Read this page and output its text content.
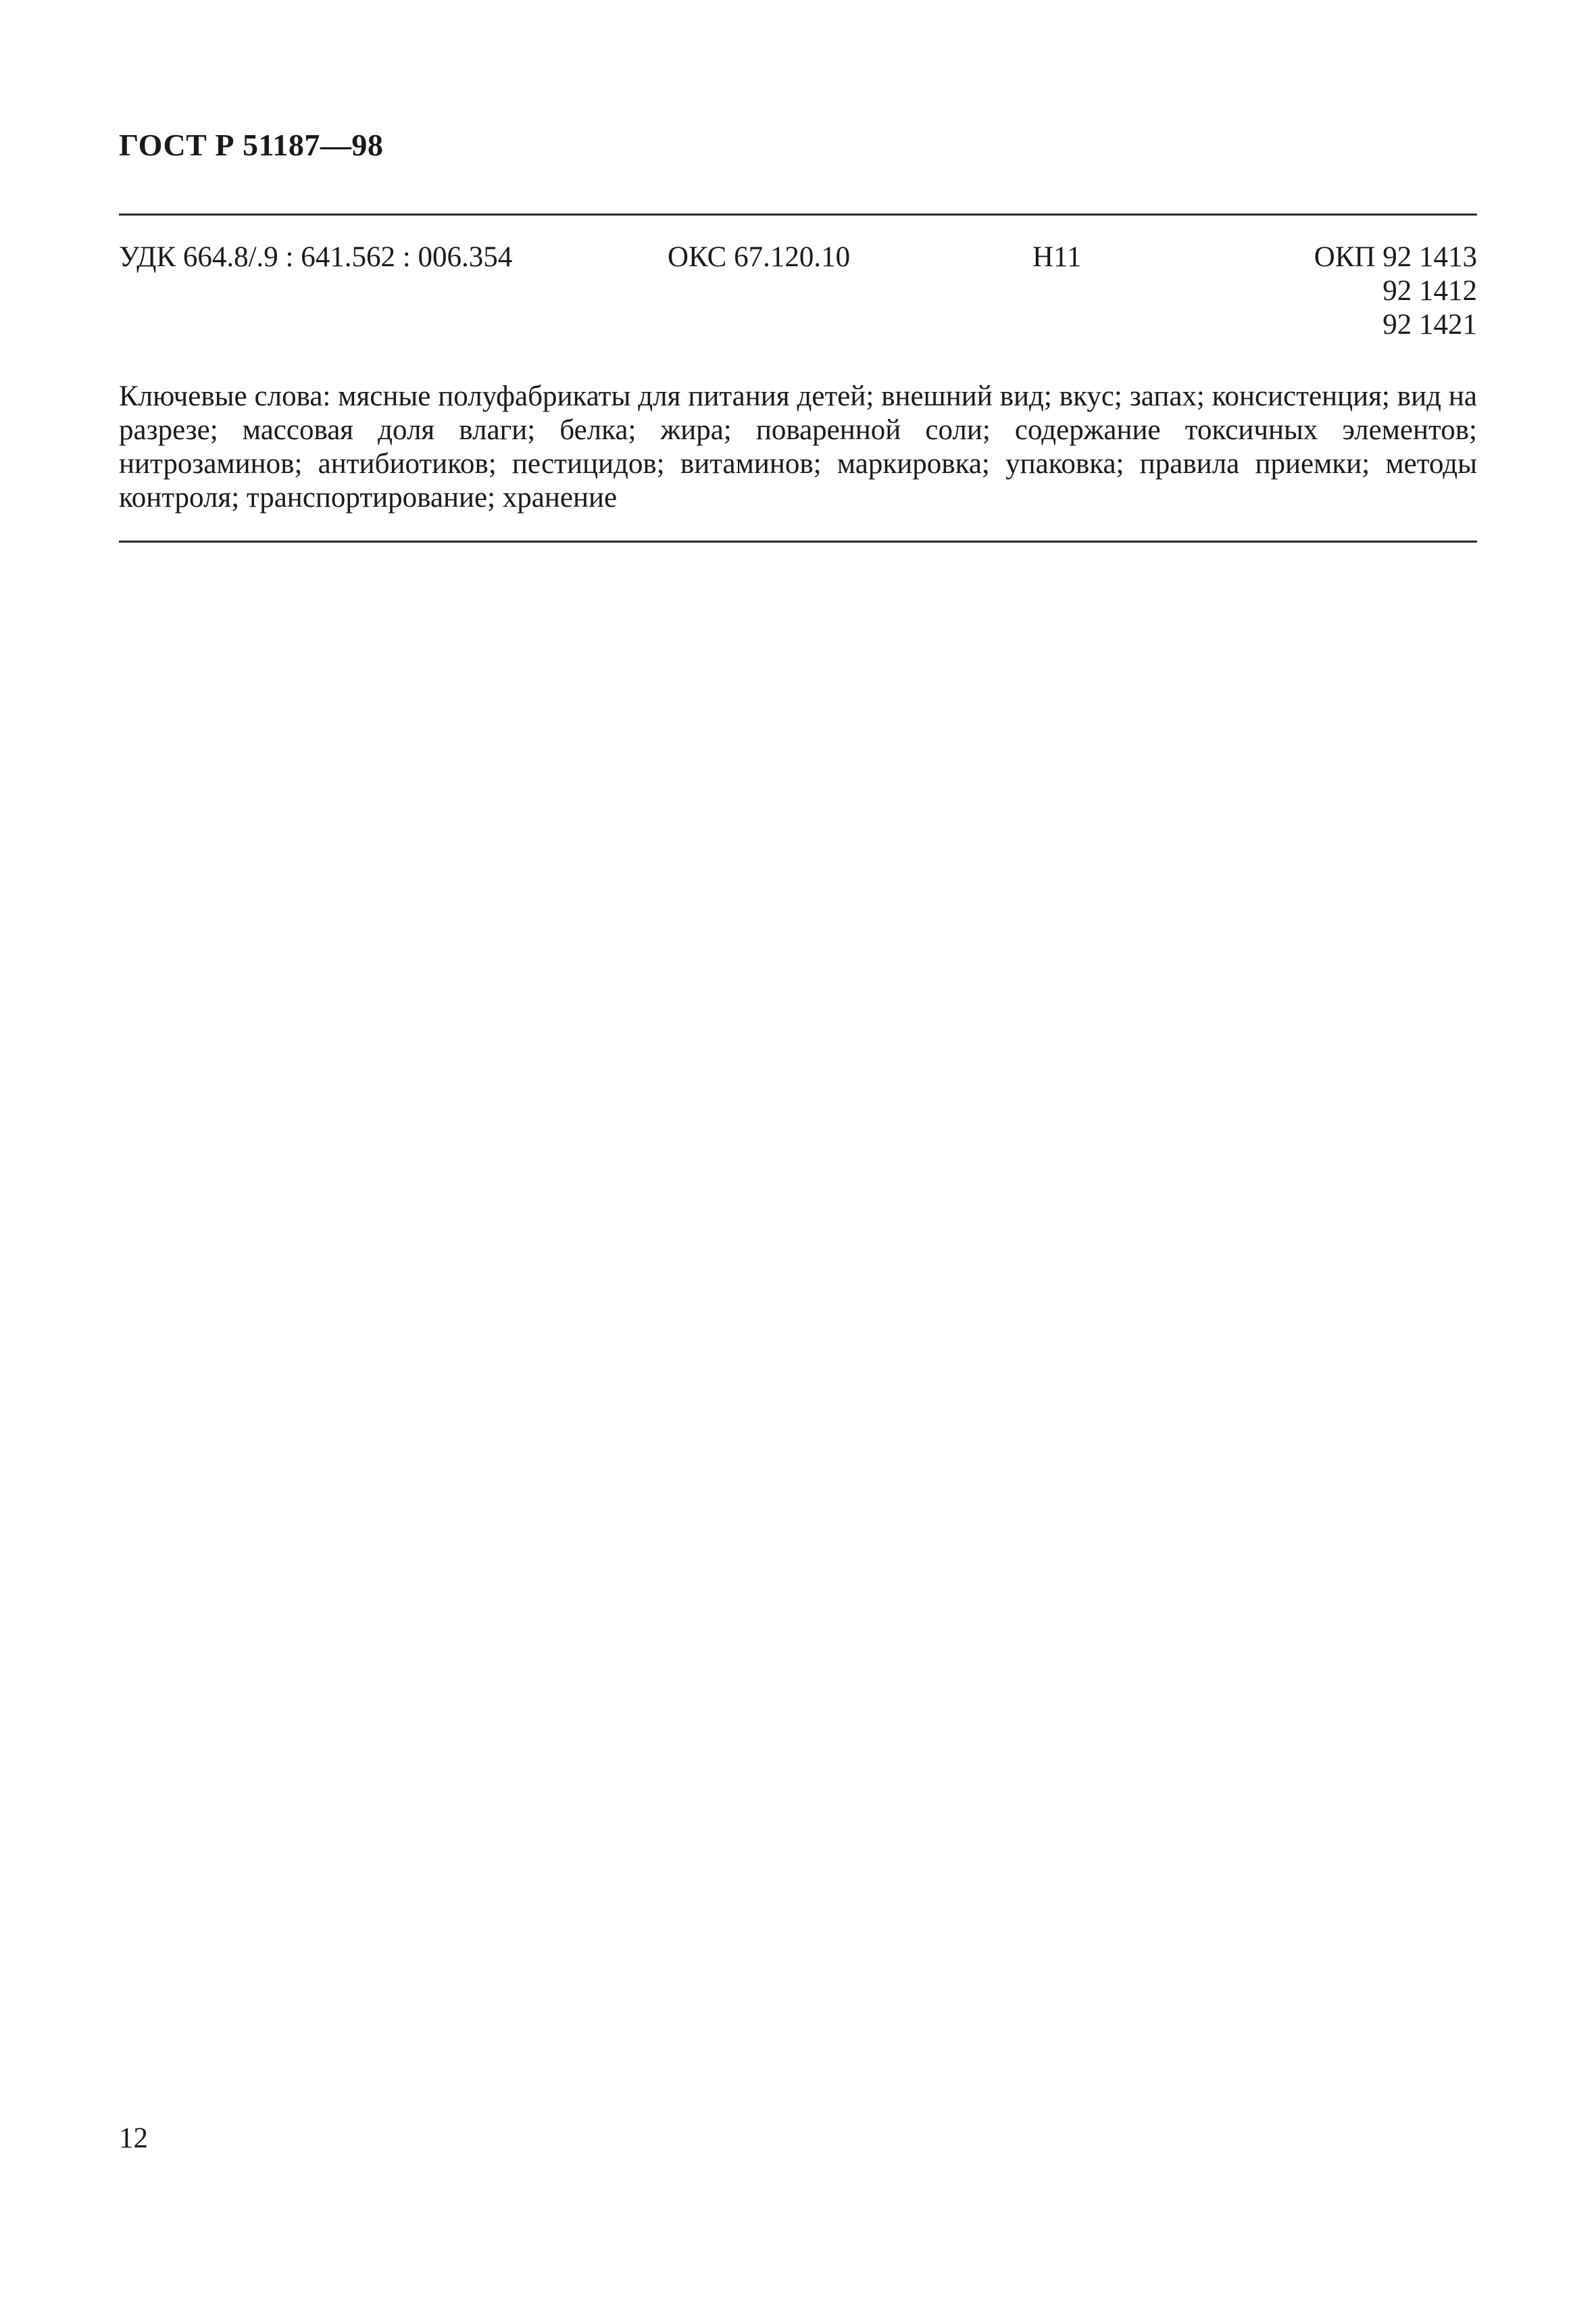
ГОСТ Р 51187—98
УДК 664.8/.9 : 641.562 : 006.354	ОКС 67.120.10	Н11	ОКП 92 1413
92 1412
92 1421
Ключевые слова: мясные полуфабрикаты для питания детей; внешний вид; вкус; запах; консистенция; вид на разрезе; массовая доля влаги; белка; жира; поваренной соли; содержание токсичных элементов; нитрозаминов; антибиотиков; пестицидов; витаминов; маркировка; упаковка; правила приемки; методы контроля; транспортирование; хранение
12
